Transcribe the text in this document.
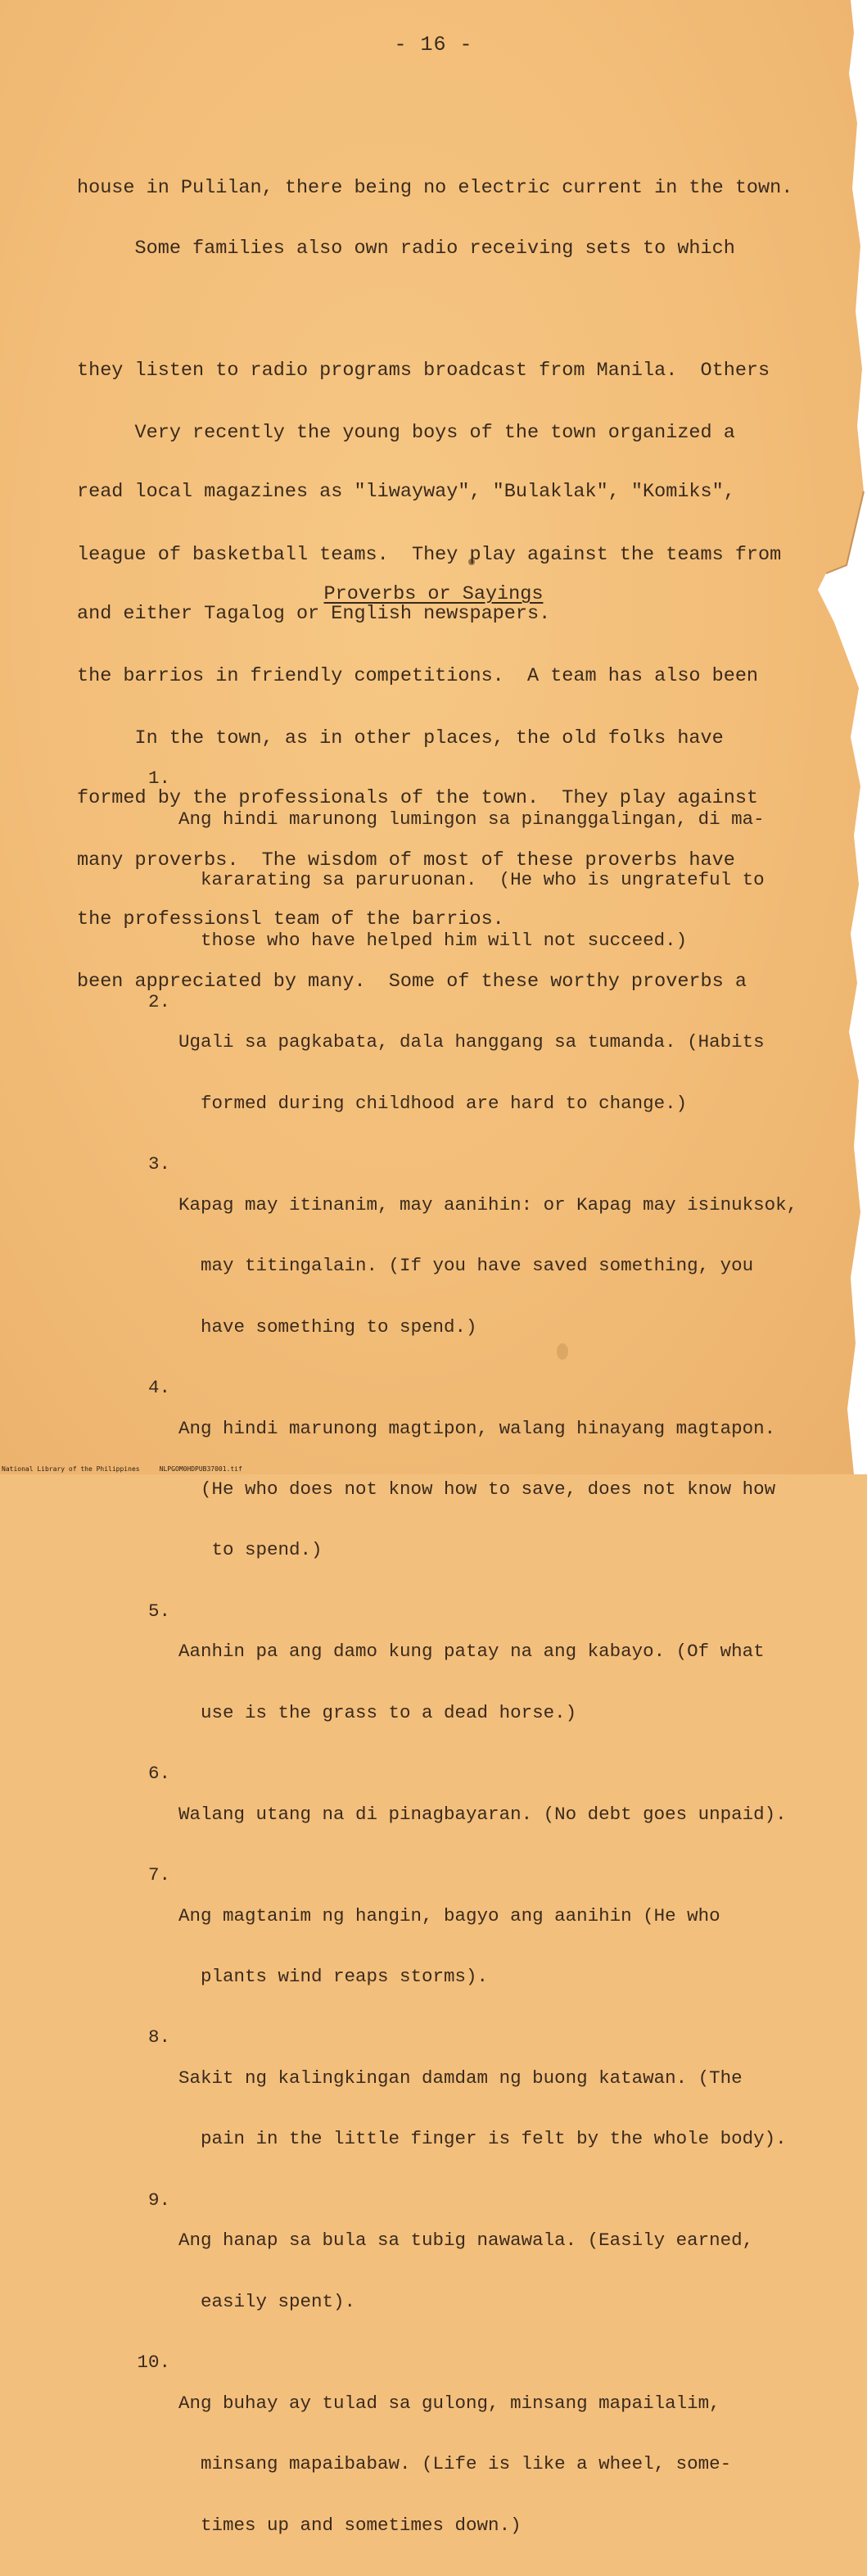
- 16 -

house in Pulilan, there being no electric current in the town.

Some families also own radio receiving sets to which

they listen to radio programs broadcast from Manila.  Others

read local magazines as "liwayway", "Bulaklak", "Komiks",

and either Tagalog or English newspapers.

Very recently the young boys of the town organized a

league of basketball teams.  They play against the teams from

the barrios in friendly competitions.  A team has also been

formed by the professionals of the town.  They play against

the professionsl team of the barrios.

Proverbs or Sayings

In the town, as in other places, the old folks have

many proverbs.  The wisdom of most of these proverbs have

been appreciated by many.  Some of these worthy proverbs a

1.

Ang hindi marunong lumingon sa pinanggalingan, di ma-

kararating sa paruruonan.  (He who is ungrateful to

those who have helped him will not succeed.)

2.

Ugali sa pagkabata, dala hanggang sa tumanda. (Habits

formed during childhood are hard to change.)

3.

Kapag may itinanim, may aanihin: or Kapag may isinuksok,

may titingalain. (If you have saved something, you

have something to spend.)

4.

Ang hindi marunong magtipon, walang hinayang magtapon.

(He who does not know how to save, does not know how

to spend.)

5.

Aanhin pa ang damo kung patay na ang kabayo. (Of what

use is the grass to a dead horse.)

6.

Walang utang na di pinagbayaran. (No debt goes unpaid).

7.

Ang magtanim ng hangin, bagyo ang aanihin (He who

plants wind reaps storms).

8.

Sakit ng kalingkingan damdam ng buong katawan. (The

pain in the little finger is felt by the whole body).

9.

Ang hanap sa bula sa tubig nawawala. (Easily earned,

easily spent).

10.

Ang buhay ay tulad sa gulong, minsang mapailalim,

minsang mapaibabaw. (Life is like a wheel, some-

times up and sometimes down.)

National Library of the Philippines	NLPGOM0HDPUB37001.tif
